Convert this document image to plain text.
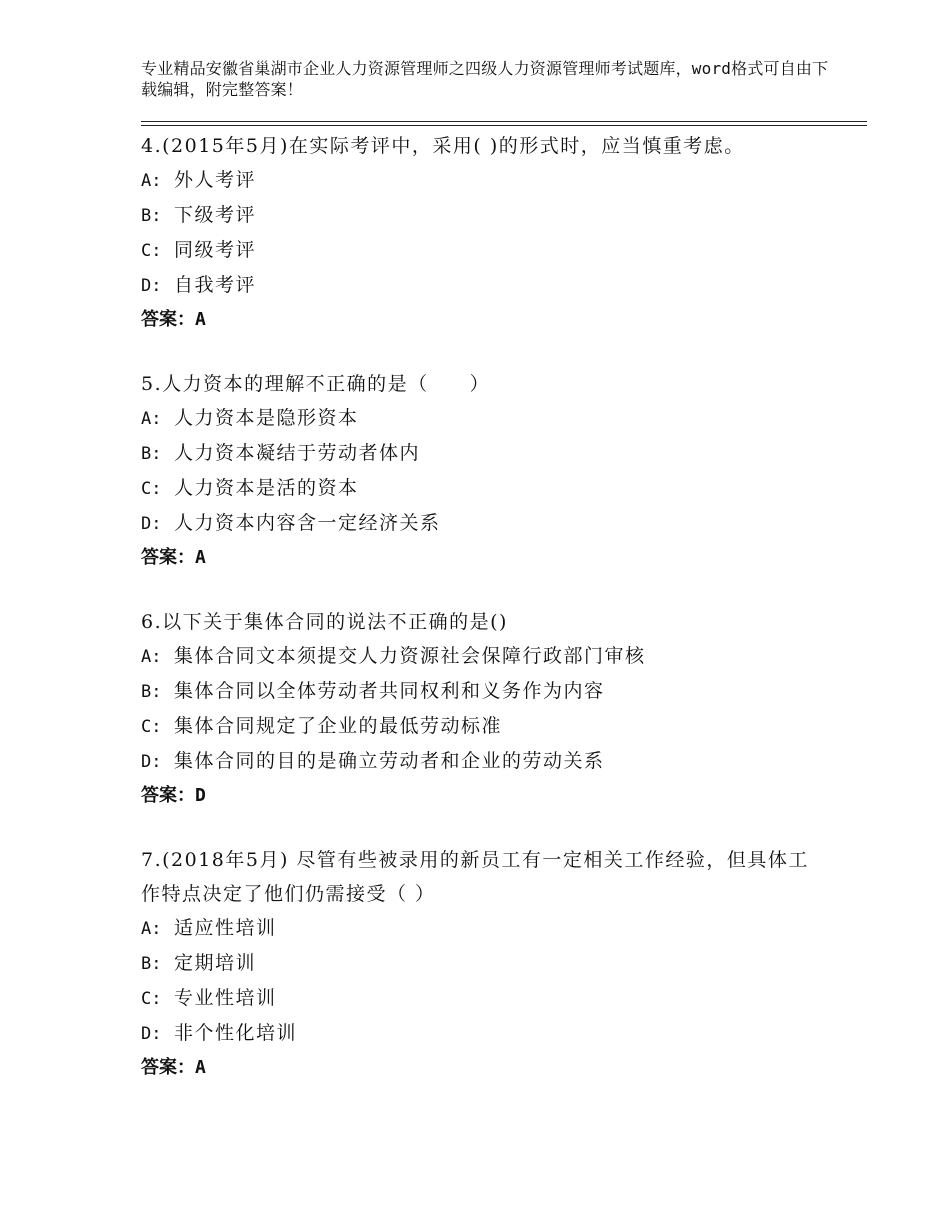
专业精品安徽省巢湖市企业人力资源管理师之四级人力资源管理师考试题库，word格式可自由下载编辑，附完整答案！
4.(2015年5月)在实际考评中，采用( )的形式时，应当慎重考虑。
A: 外人考评
B: 下级考评
C: 同级考评
D: 自我考评
答案：A
5.人力资本的理解不正确的是（　　）
A: 人力资本是隐形资本
B: 人力资本凝结于劳动者体内
C: 人力资本是活的资本
D: 人力资本内容含一定经济关系
答案：A
6.以下关于集体合同的说法不正确的是()
A: 集体合同文本须提交人力资源社会保障行政部门审核
B: 集体合同以全体劳动者共同权利和义务作为内容
C: 集体合同规定了企业的最低劳动标准
D: 集体合同的目的是确立劳动者和企业的劳动关系
答案：D
7.(2018年5月) 尽管有些被录用的新员工有一定相关工作经验，但具体工作特点决定了他们仍需接受（ ）
A: 适应性培训
B: 定期培训
C: 专业性培训
D: 非个性化培训
答案：A
